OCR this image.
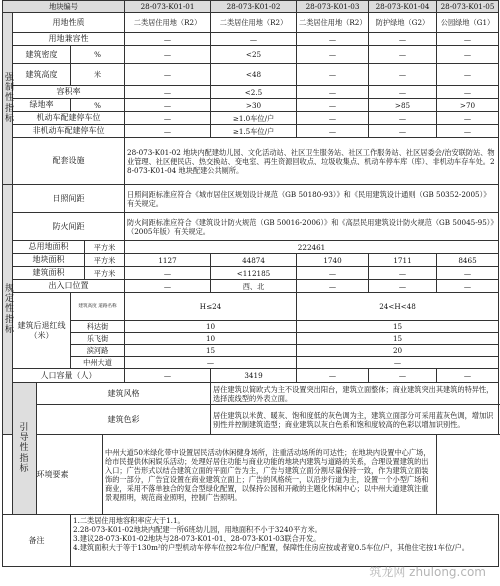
地块编号						28-073-K01-01	28-073-K01-02	28-073-K01-03	28-073-K01-04	28-073-K01-05
强制性指标	用地性质					二类居住用地（R2）	二类居住用地（R2）	二类居住用地（R2）	防护绿地（G2）	公园绿地（G1）
	用地兼容性					—	—	—	—	—
	建筑密度		%			—	<25	—	—	—
	建筑高度		米			—	<48	—	—	—
	容积率					—	<2.5	—	—	—
	绿地率		%			—	>30	—	>85	>70
	机动车配建停车位					—	≥1.0车位/户	—	—	—
	非机动车配建停车位					—	≥1.5车位/户	—	—	—
	配套设施					28-073-K01-02 地块内配建幼儿园、文化活动站、社区卫生服务站、社区工作服务站、社区居委会/治安联防站、物业管理、社区便民店、热交换站、变电室、再生资源回收点、垃圾收集点、机动车停车库（库）、非机动车存车处。28-073-K01-04 地块配建公共厕所。				
规定性指标	日照间距					日照间距标准应符合《城市居住区规划设计规范（GB 50180-93）》和《民用建筑设计通则（GB 50352-2005）》有关规定。				
	防火间距					防火间距标准应符合《建筑设计防火规范（GB 50016-2006）》和《高层民用建筑设计防火规范（GB 50045-95）》（2005年版）有关规定。				
	总用地面积			平方米		222461				
	地块面积			平方米		1127	44874	1740	1711	8465
	建筑面积			平方米		—	<112185	—	—	—
	出入口位置					—	西、北	—	—	—
	建筑后退红线（米）		建筑高度 道路名称			H≤24		24<H<48		
			科达街			10		15		
			乐飞街			10		15		
			滨河路			15		20		
			中州大道			—		—		
	人口容量（人）					—	3419	—	—	—
	引导性指标	建筑风格					居住建筑以简欧式为主不设置突出阳台，建筑立面整体；商业建筑突出其建筑的特异性，选择流线型的外表立面。			
		建筑色彩					居住建筑以米黄、暖灰、饱和度低的灰色调为主，建筑立面部分可采用蓝灰色调，增加识别性并控制建筑造型；商业建筑以灰白色系和饱和度较高的色彩以增加识别性。			
环境要素					中州大道50米绿化带中设置居民活动休闲健身场所，注重活动场所的可达性；在地块内设置中心广场，给市民提供休闲娱乐活动；处理好居住功能与商业功能的地块内建筑与道路的关系，合理设置建筑的出入口；广告形式以结合建筑立面的平面广告为主，广告与建筑立面分割尽量保持一致，作为建筑立面装饰的一部分，广告宜设置在商业建筑立面上；广告的风格统一，以沿步行道为主，设置一个小型广场和商业，采用不落单独合的复合型绿化配置，以保持公园和开敞的主题化休闲中心；以中州大道建筑注重景观照明，规范商业照明，控制广告照明。					
备注			1.二类居住用地容积率应大于1.1。
2.28-073-K01-02地块内配建一所6班幼儿园，用地面积不小于3240平方米。
3.建议28-073-K01-02地块与28-073-K01-01、28-073-K01-03联合开发。
4.建筑面积大于等于130m²的户型机动车停车位按2车位/户配置，保障性住房应按或者宽0.5车位/户，其他住宅按1车位/户。							
筑龙网 zhulong.com
